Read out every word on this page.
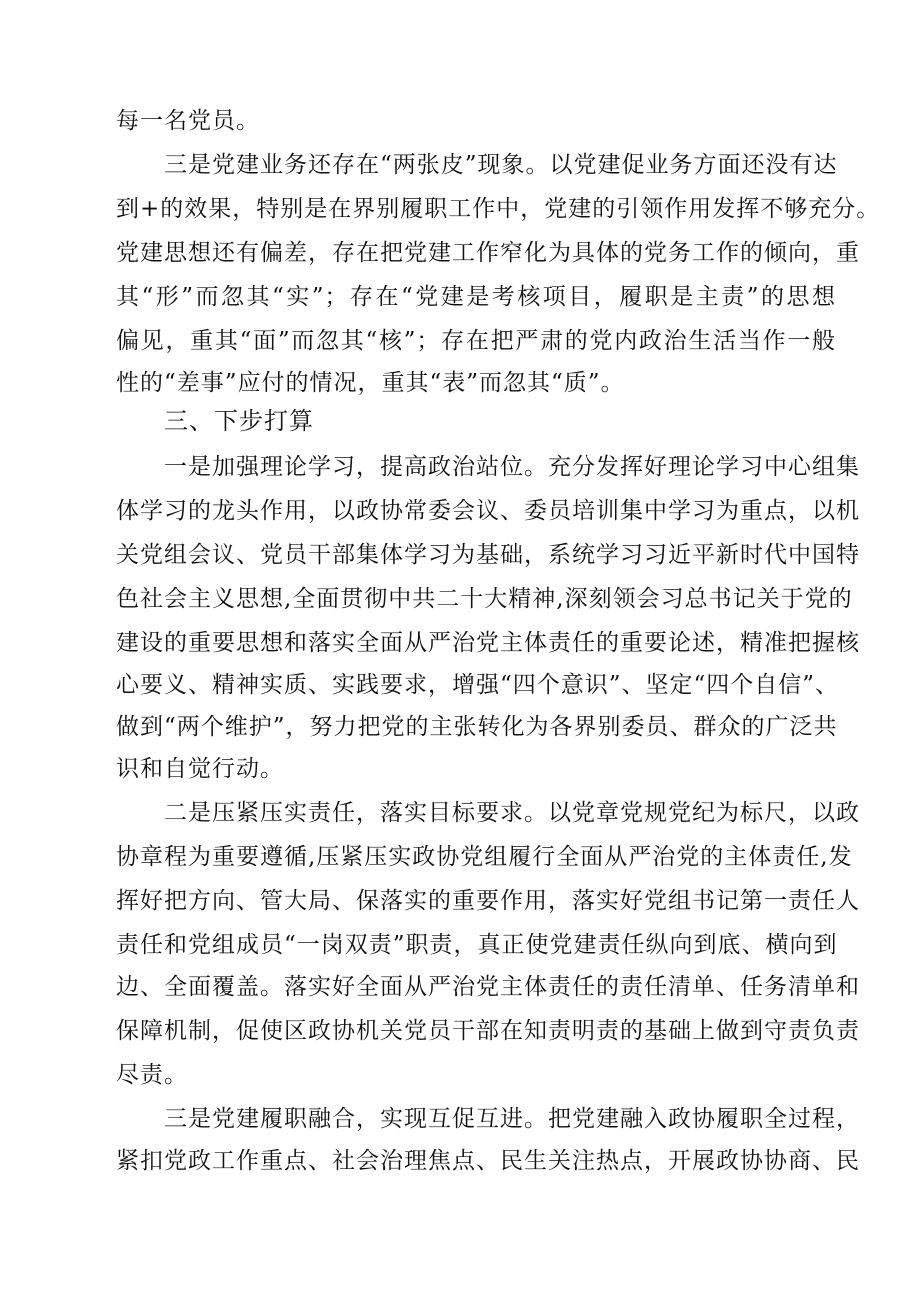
每一名党员。
三是党建业务还存在“两张皮”现象。以党建促业务方面还没有达
到+的效果，特别是在界别履职工作中，党建的引领作用发挥不够充分。
党建思想还有偏差，存在把党建工作窄化为具体的党务工作的倾向，重
其“形”而忽其“实”；存在“党建是考核项目，履职是主责”的思想
偏见，重其“面”而忽其“核”；存在把严肃的党内政治生活当作一般
性的“差事”应付的情况，重其“表”而忽其“质”。
三、下步打算
一是加强理论学习，提高政治站位。充分发挥好理论学习中心组集
体学习的龙头作用，以政协常委会议、委员培训集中学习为重点，以机
关党组会议、党员干部集体学习为基础，系统学习习近平新时代中国特
色社会主义思想,全面贯彻中共二十大精神,深刻领会习总书记关于党的
建设的重要思想和落实全面从严治党主体责任的重要论述，精准把握核
心要义、精神实质、实践要求，增强“四个意识”、坚定“四个自信”、
做到“两个维护”，努力把党的主张转化为各界别委员、群众的广泛共
识和自觉行动。
二是压紧压实责任，落实目标要求。以党章党规党纪为标尺，以政
协章程为重要遵循,压紧压实政协党组履行全面从严治党的主体责任,发
挥好把方向、管大局、保落实的重要作用，落实好党组书记第一责任人
责任和党组成员“一岗双责”职责，真正使党建责任纵向到底、横向到
边、全面覆盖。落实好全面从严治党主体责任的责任清单、任务清单和
保障机制，促使区政协机关党员干部在知责明责的基础上做到守责负责
尽责。
三是党建履职融合，实现互促互进。把党建融入政协履职全过程，
紧扣党政工作重点、社会治理焦点、民生关注热点，开展政协协商、民
